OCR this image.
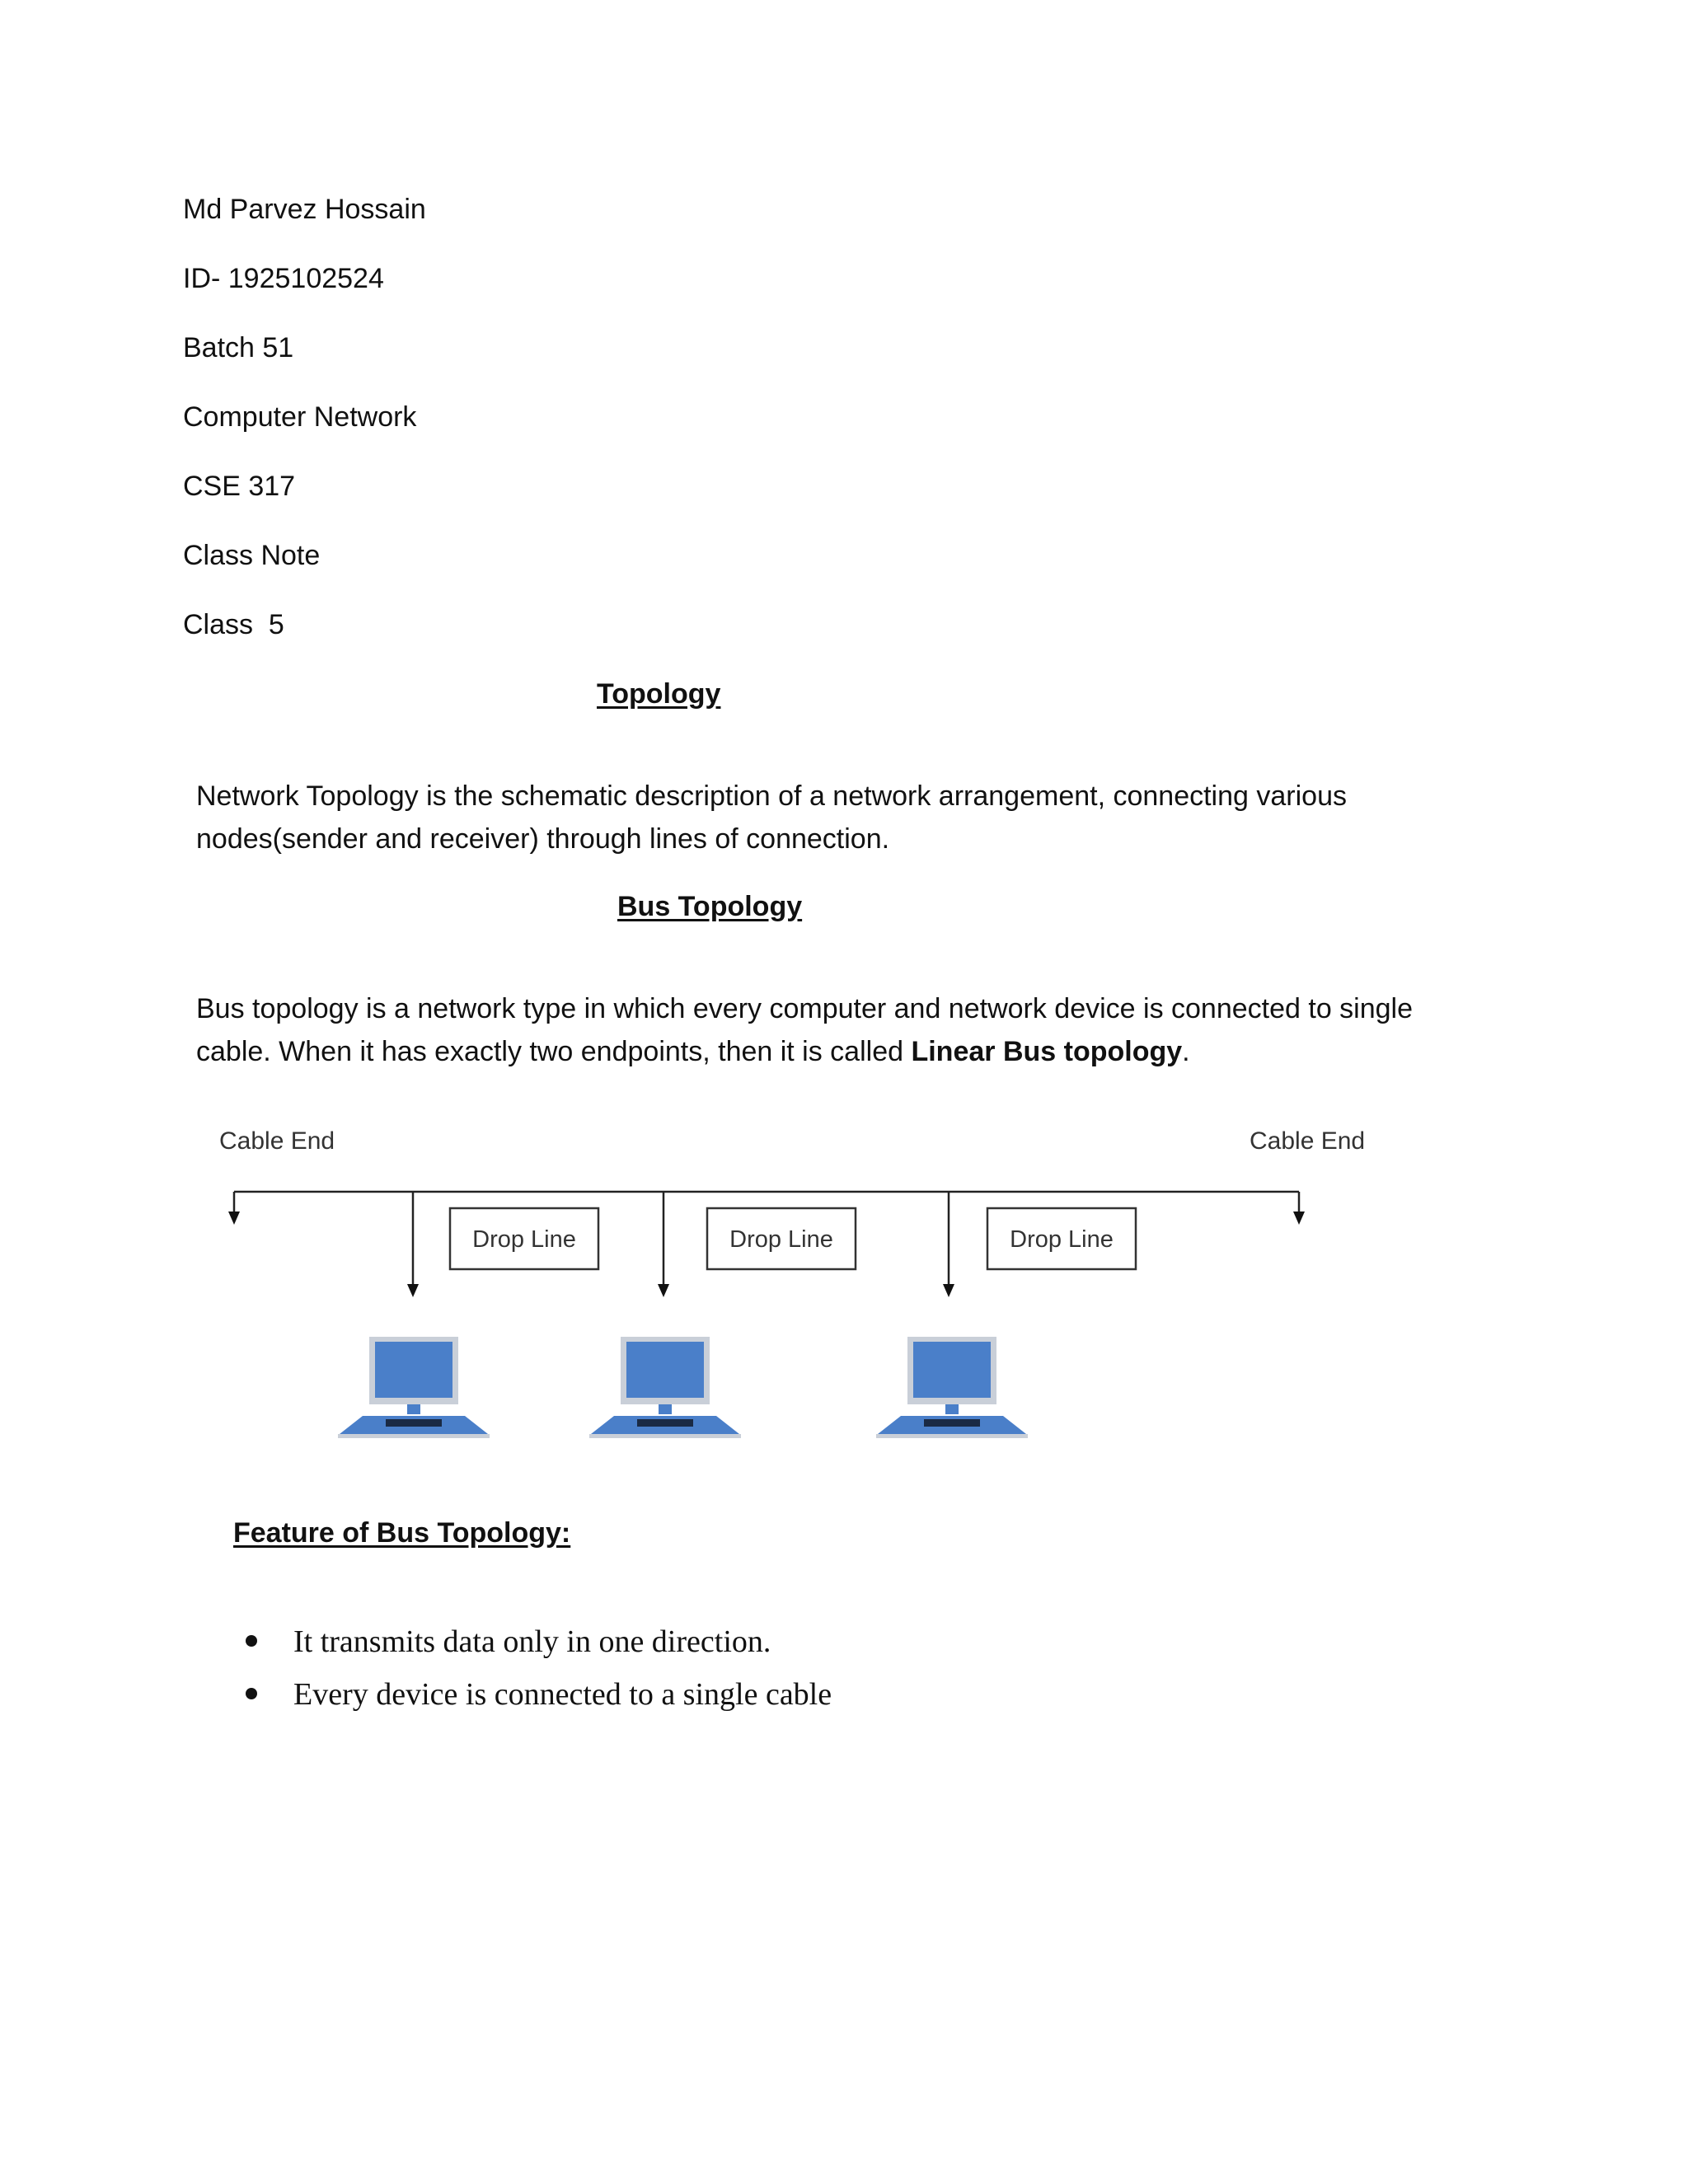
Md Parvez Hossain
ID- 1925102524
Batch 51
Computer Network
CSE 317
Class Note
Class  5
Topology
Network Topology is the schematic description of a network arrangement, connecting various nodes(sender and receiver) through lines of connection.
Bus Topology
Bus topology is a network type in which every computer and network device is connected to single cable. When it has exactly two endpoints, then it is called Linear Bus topology.
Cable End	Cable End
Drop Line	Drop Line	Drop Line
Feature of Bus Topology:
It transmits data only in one direction.
Every device is connected to a single cable
